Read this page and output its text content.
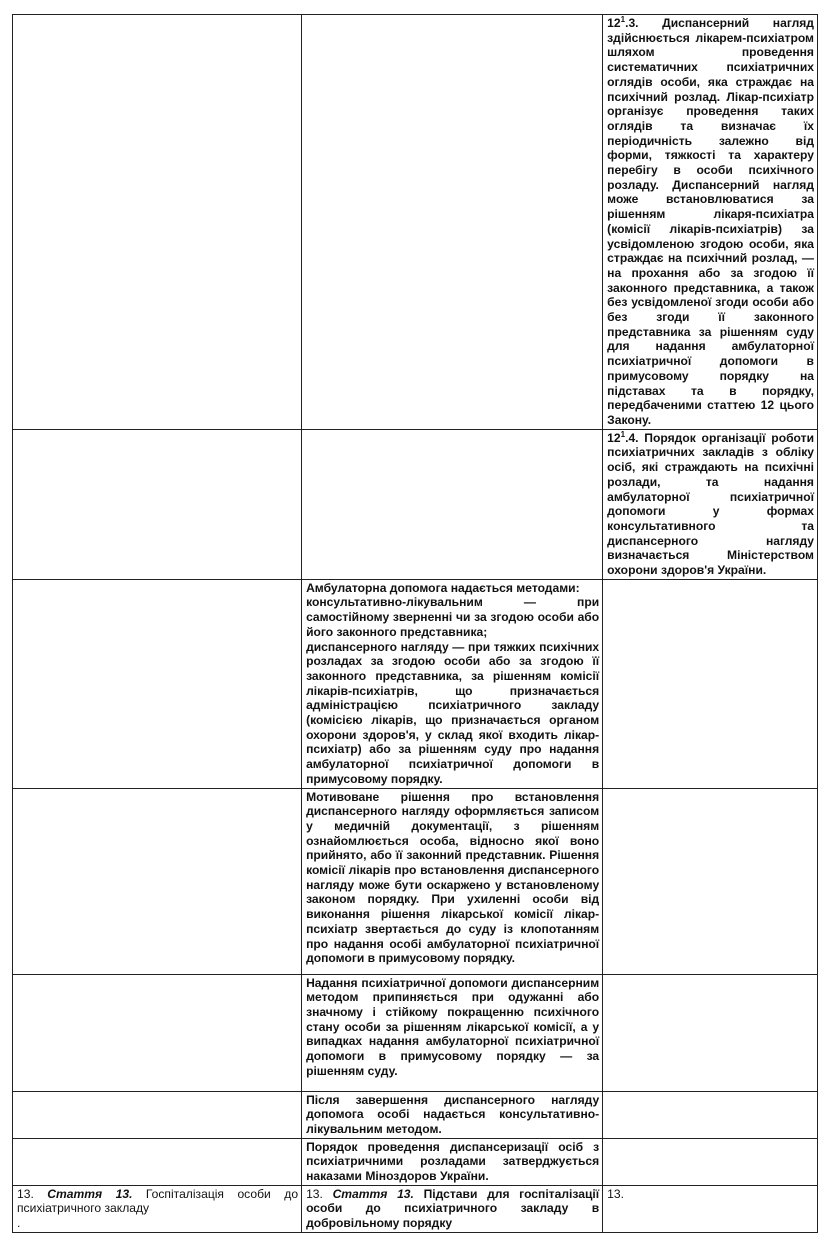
		$12^1.3$. Диспансерний нагляд здійснюється лікарем-психіатром шляхом проведення систематичних психіатричних оглядів особи, яка страждає на психічний розлад. Лікар-психіатр організує проведення таких оглядів та визначає їх періодичність залежно від форми, тяжкості та характеру перебігу в особи психічного розладу. Диспансерний нагляд може встановлюватися за рішенням лікаря-психіатра (комісії лікарів-психіатрів) за усвідомленою згодою особи, яка страждає на психічний розлад, — на прохання або за згодою її законного представника, а також без усвідомленої згоди особи або без згоди її законного представника за рішенням суду для надання амбулаторної психіатричної допомоги в примусовому порядку на підставах та в порядку, передбаченими статтею 12 цього Закону.
		$12^1.4$. Порядок організації роботи психіатричних закладів з обліку осіб, які страждають на психічні розлади, та надання амбулаторної психіатричної допомоги у формах консультативного та диспансерного нагляду визначається Міністерством охорони здоров'я України.

	Амбулаторна допомога надається методами:
консультативно-лікувальним — при самостійному зверненні чи за згодою особи або його законного представника;
диспансерного нагляду — при тяжких психічних розладах за згодою особи або за згодою її законного представника, за рішенням комісії лікарів-психіатрів, що призначається адміністрацією психіатричного закладу (комісією лікарів, що призначається органом охорони здоров'я, у склад якої входить лікар-психіатр) або за рішенням суду про надання амбулаторної психіатричної допомоги в примусовому порядку.	

	Мотивоване рішення про встановлення диспансерного нагляду оформляється записом у медичній документації, з рішенням ознайомлюється особа, відносно якої воно прийнято, або її законний представник. Рішення комісії лікарів про встановлення диспансерного нагляду може бути оскаржено у встановленому законом порядку. При ухиленні особи від виконання рішення лікарської комісії лікар-психіатр звертається до суду із клопотанням про надання особі амбулаторної психіатричної допомоги в примусовому порядку.	
	Надання психіатричної допомоги диспансерним методом припиняється при одужанні або значному і стійкому покращенню психічного стану особи за рішенням лікарської комісії, а у випадках надання амбулаторної психіатричної допомоги в примусовому порядку — за рішенням суду.	
	Після завершення диспансерного нагляду допомога особі надається консультативно-лікувальним методом.	
	Порядок проведення диспансеризації осіб з психіатричними розладами затверджується наказами Міноздоров України.	
13. Стаття 13. Госпіталізація особи до психіатричного закладу
.	13. Стаття 13. Підстави для госпіталізації особи до психіатричного закладу в добровільному порядку	13.
